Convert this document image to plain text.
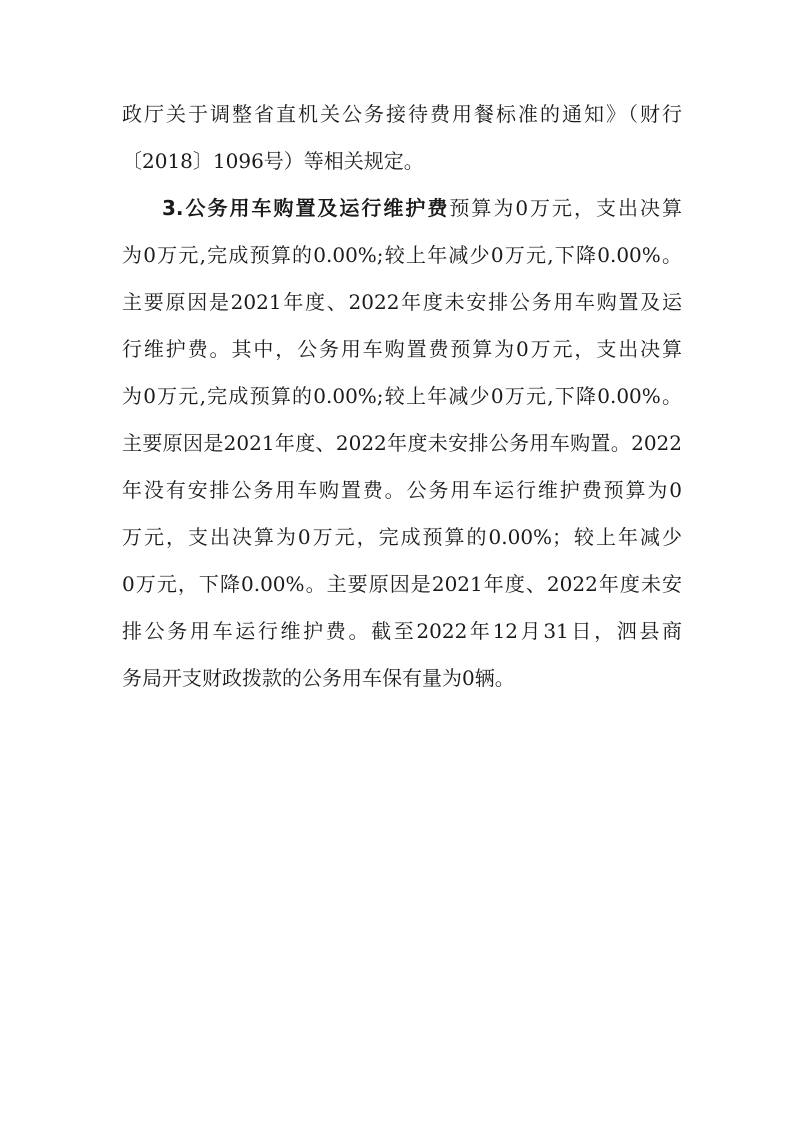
政厅关于调整省直机关公务接待费用餐标准的通知》（财行
〔2018〕1096号）等相关规定。
3.公务用车购置及运行维护费预算为0万元，支出决算
为0万元,完成预算的0.00%;较上年减少0万元,下降0.00%。
主要原因是2021年度、2022年度未安排公务用车购置及运
行维护费。其中，公务用车购置费预算为0万元，支出决算
为0万元,完成预算的0.00%;较上年减少0万元,下降0.00%。
主要原因是2021年度、2022年度未安排公务用车购置。2022
年没有安排公务用车购置费。公务用车运行维护费预算为0
万元，支出决算为0万元，完成预算的0.00%；较上年减少
0万元，下降0.00%。主要原因是2021年度、2022年度未安
排公务用车运行维护费。截至2022年12月31日，泗县商
务局开支财政拨款的公务用车保有量为0辆。
